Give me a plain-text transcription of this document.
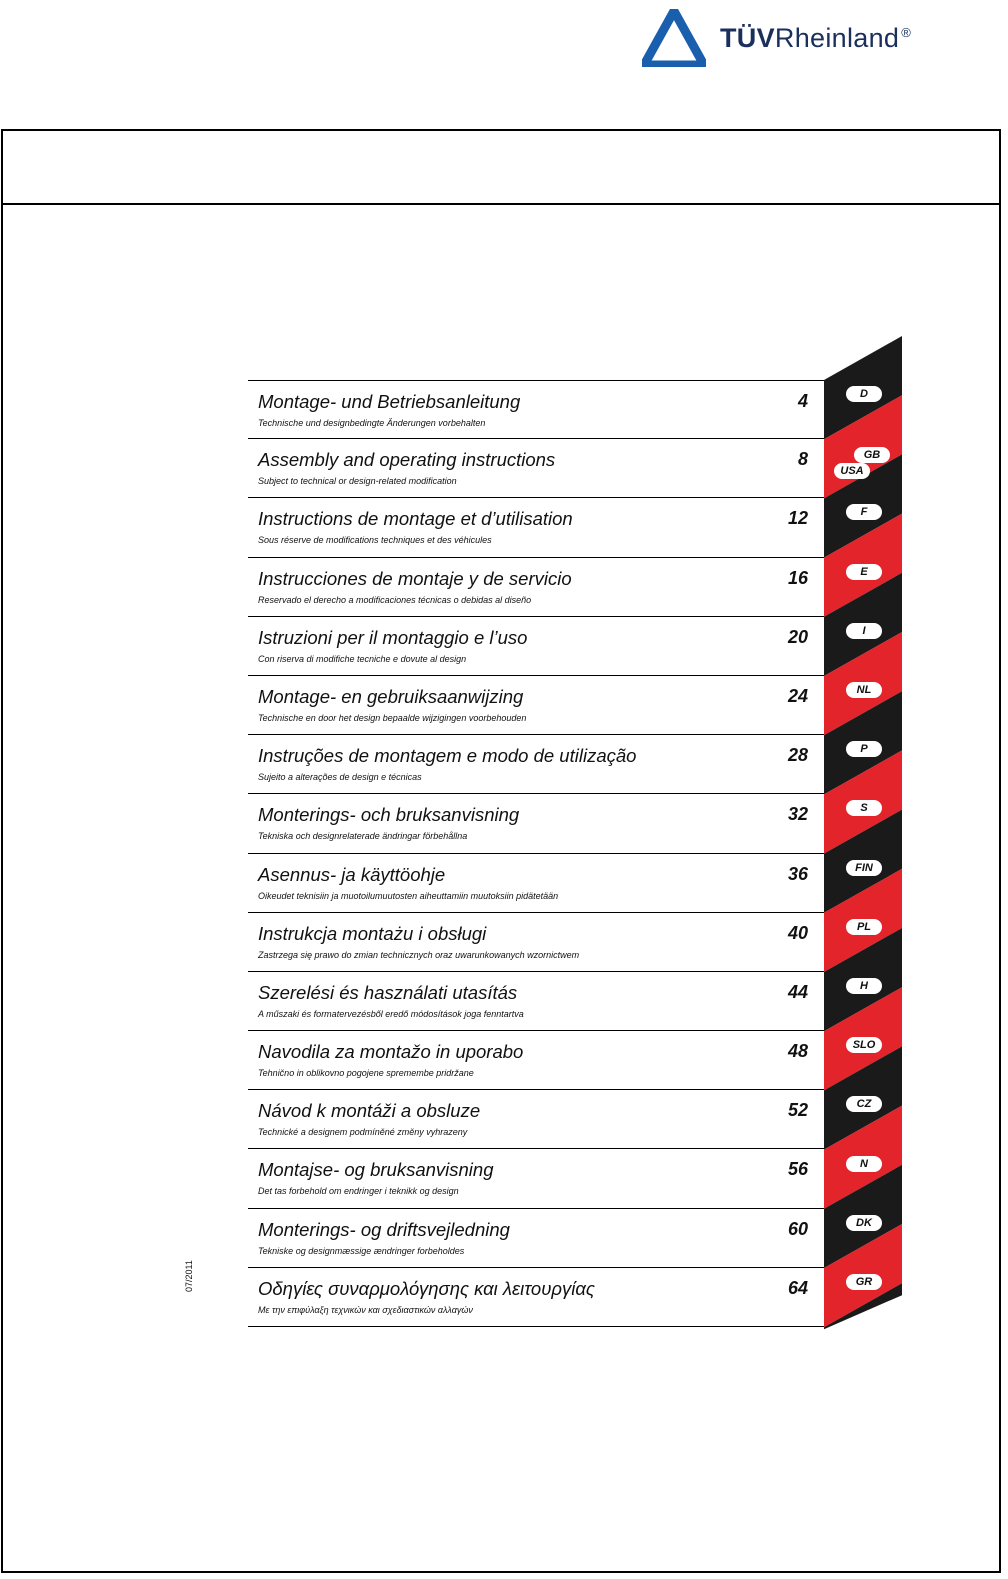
TÜVRheinland ®
Montage- und Betriebsanleitung
Technische und designbedingte Änderungen vorbehalten
4
Assembly and operating instructions
Subject to technical or design-related modification
8
Instructions de montage et d’utilisation
Sous réserve de modifications techniques et des véhicules
12
Instrucciones de montaje y de servicio
Reservado el derecho a modificaciones técnicas o debidas al diseño
16
Istruzioni per il montaggio e l’uso
Con riserva di modifiche tecniche e dovute al design
20
Montage- en gebruiksaanwijzing
Technische en door het design bepaalde wijzigingen voorbehouden
24
Instruções de montagem e modo de utilização
Sujeito a alterações de design e técnicas
28
Monterings- och bruksanvisning
Tekniska och designrelaterade ändringar förbehållna
32
Asennus- ja käyttöohje
Oikeudet teknisiin ja muotoilumuutosten aiheuttamiin muutoksiin pidätetään
36
Instrukcja montażu i obsługi
Zastrzega się prawo do zmian technicznych oraz uwarunkowanych wzornictwem
40
Szerelési és használati utasítás
A műszaki és formatervezésből eredő módosítások joga fenntartva
44
Navodila za montažo in uporabo
Tehnično in oblikovno pogojene spremembe pridržane
48
Návod k montáži a obsluze
Technické a designem podmíněné změny vyhrazeny
52
Montajse- og bruksanvisning
Det tas forbehold om endringer i teknikk og design
56
Monterings- og driftsvejledning
Tekniske og designmæssige ændringer forbeholdes
60
Οδηγίες συναρμολόγησης και λειτουργίας
Με την επιφύλαξη τεχνικών και σχεδιαστικών αλλαγών
64
D
GB
USA
F
E
I
NL
P
S
FIN
PL
H
SLO
CZ
N
DK
GR
07/2011
